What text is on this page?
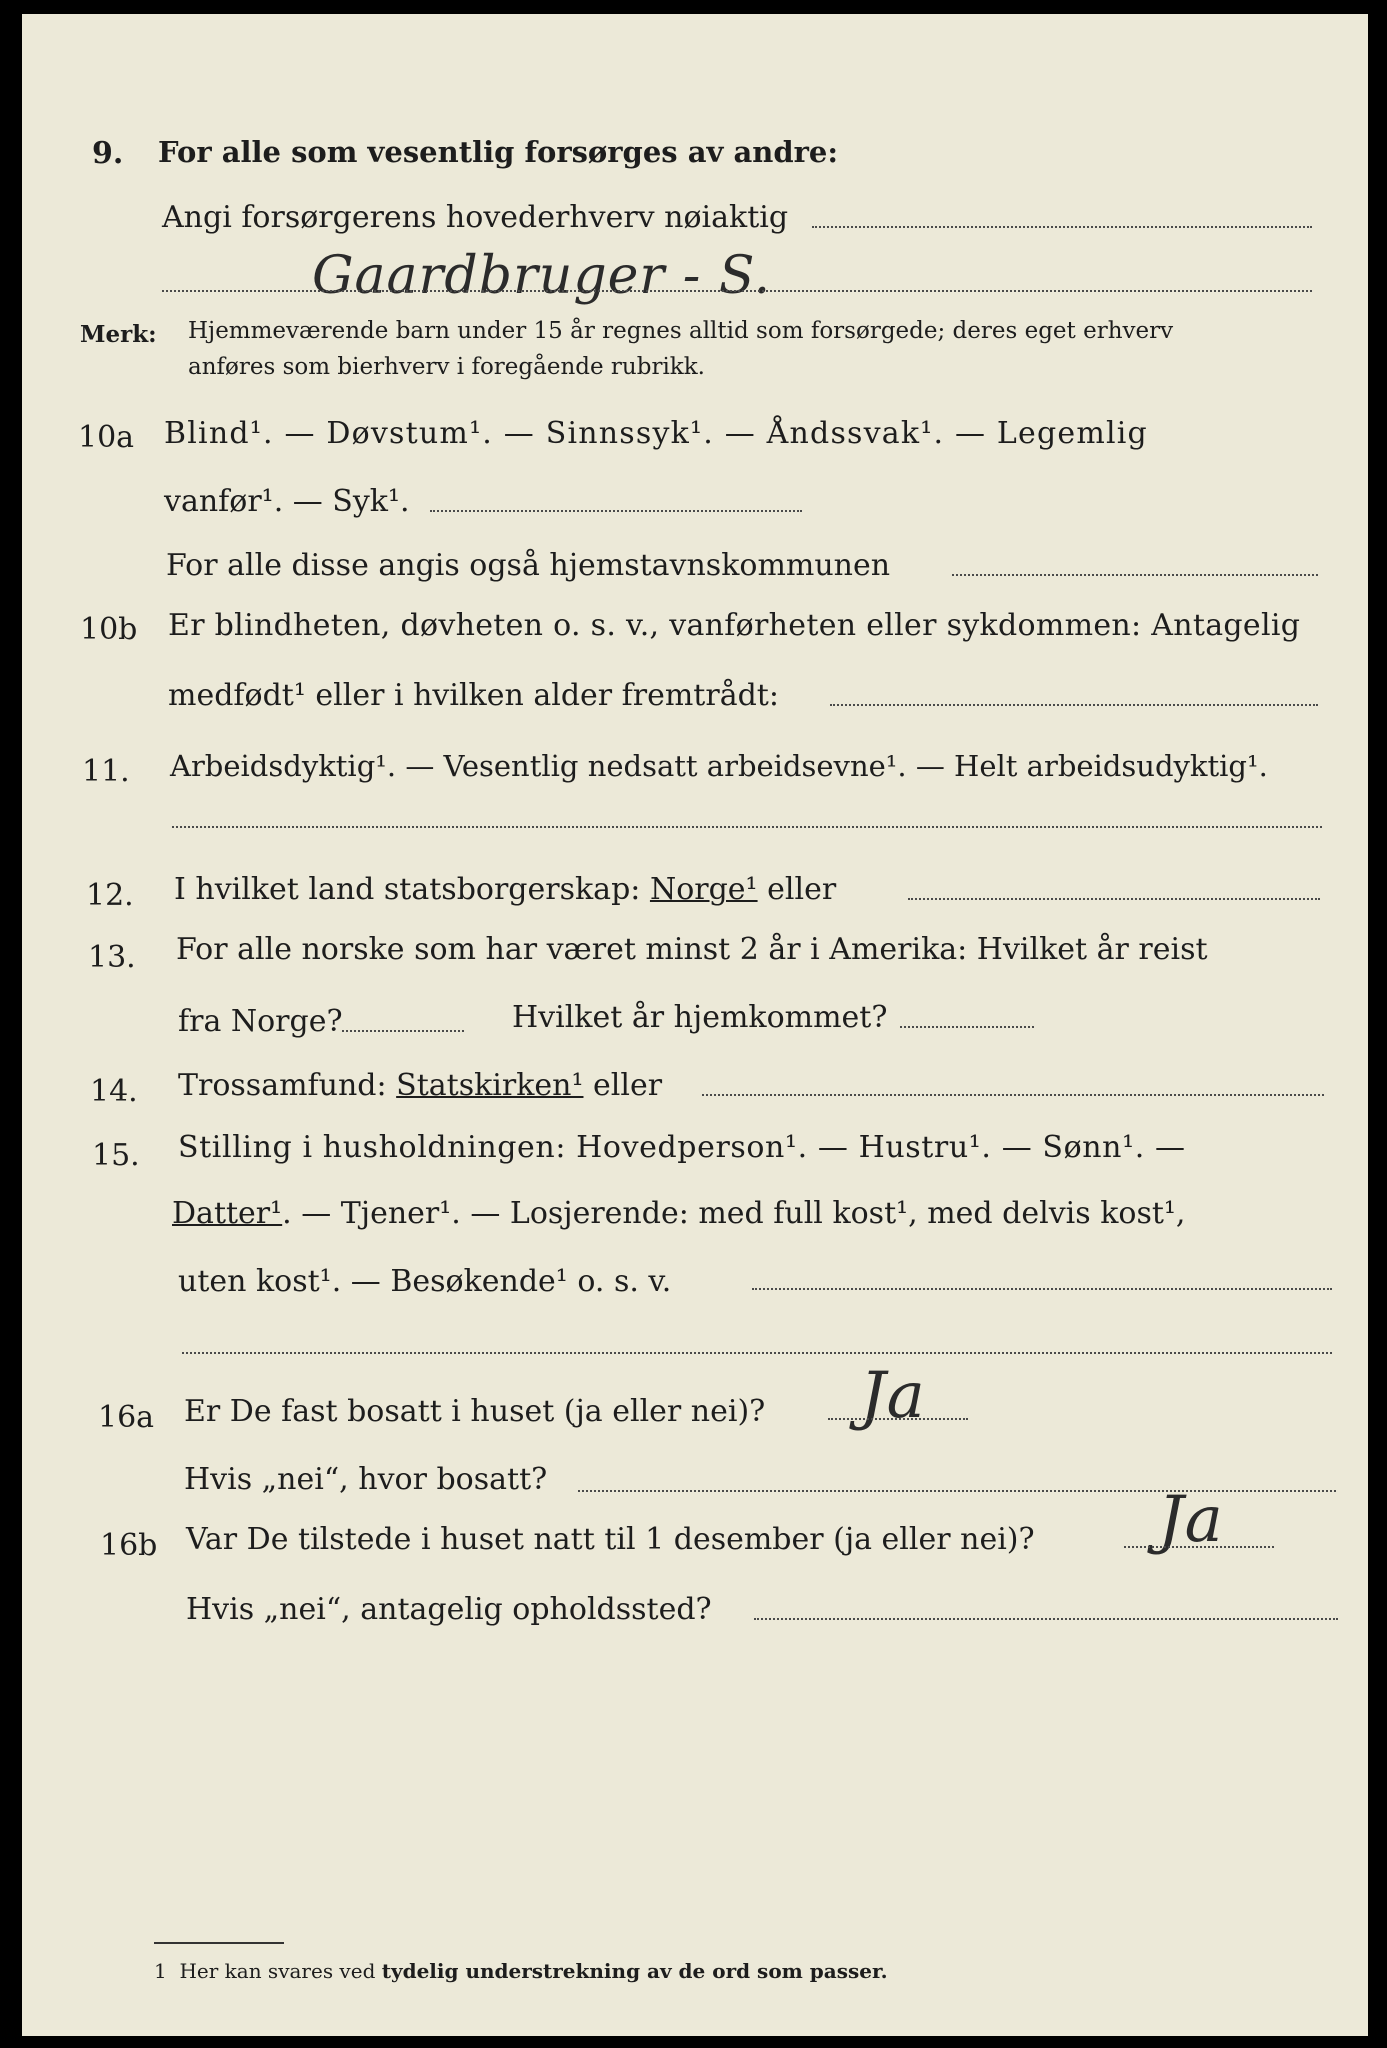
9. For alle som vesentlig forsørges av andre:
Angi forsørgerens hovederhverv nøiaktig
Gaardbruger - S.
Merk: Hjemmeværende barn under 15 år regnes alltid som forsørgede; deres eget erhverv
anføres som bierhverv i foregående rubrikk.
10a Blind¹. — Døvstum¹. — Sinnssyk¹. — Åndssvak¹. — Legemlig
vanfør¹. — Syk¹.
For alle disse angis også hjemstavnskommunen
10b Er blindheten, døvheten o. s. v., vanførheten eller sykdommen: Antagelig
medfødt¹ eller i hvilken alder fremtrådt:
11. Arbeidsdyktig¹. — Vesentlig nedsatt arbeidsevne¹. — Helt arbeidsudyktig¹.
12. I hvilket land statsborgerskap: Norge¹ eller
13. For alle norske som har været minst 2 år i Amerika: Hvilket år reist
fra Norge?	Hvilket år hjemkommet?
14. Trossamfund: Statskirken¹ eller
15. Stilling i husholdningen: Hovedperson¹. — Hustru¹. — Sønn¹. —
Datter¹. — Tjener¹. — Losjerende: med full kost¹, med delvis kost¹,
uten kost¹. — Besøkende¹ o. s. v.
16a Er De fast bosatt i huset (ja eller nei)? Ja
Hvis „nei“, hvor bosatt?
16b Var De tilstede i huset natt til 1 desember (ja eller nei)? Ja
Hvis „nei“, antagelig opholdssted?
1 Her kan svares ved tydelig understrekning av de ord som passer.
